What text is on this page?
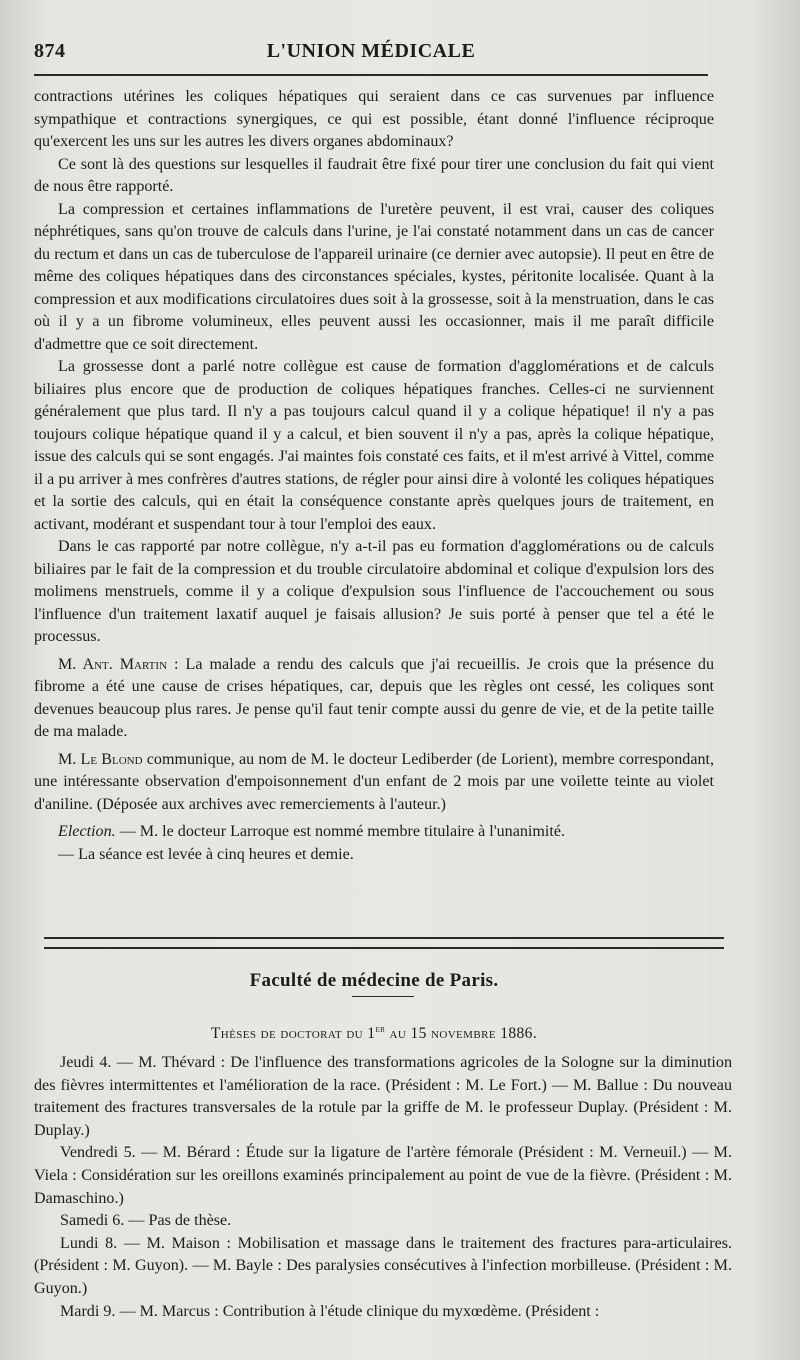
874	L'UNION MÉDICALE

contractions utérines les coliques hépatiques qui seraient dans ce cas survenues par influence sympathique et contractions synergiques, ce qui est possible, étant donné l'influence réciproque qu'exercent les uns sur les autres les divers organes abdominaux?

Ce sont là des questions sur lesquelles il faudrait être fixé pour tirer une conclusion du fait qui vient de nous être rapporté.

La compression et certaines inflammations de l'uretère peuvent, il est vrai, causer des coliques néphrétiques, sans qu'on trouve de calculs dans l'urine, je l'ai constaté notamment dans un cas de cancer du rectum et dans un cas de tuberculose de l'appareil urinaire (ce dernier avec autopsie). Il peut en être de même des coliques hépatiques dans des circonstances spéciales, kystes, péritonite localisée. Quant à la compression et aux modifications circulatoires dues soit à la grossesse, soit à la menstruation, dans le cas où il y a un fibrome volumineux, elles peuvent aussi les occasionner, mais il me paraît difficile d'admettre que ce soit directement.

La grossesse dont a parlé notre collègue est cause de formation d'agglomérations et de calculs biliaires plus encore que de production de coliques hépatiques franches. Celles-ci ne surviennent généralement que plus tard. Il n'y a pas toujours calcul quand il y a colique hépatique! il n'y a pas toujours colique hépatique quand il y a calcul, et bien souvent il n'y a pas, après la colique hépatique, issue des calculs qui se sont engagés. J'ai maintes fois constaté ces faits, et il m'est arrivé à Vittel, comme il a pu arriver à mes confrères d'autres stations, de régler pour ainsi dire à volonté les coliques hépatiques et la sortie des calculs, qui en était la conséquence constante après quelques jours de traitement, en activant, modérant et suspendant tour à tour l'emploi des eaux.

Dans le cas rapporté par notre collègue, n'y a-t-il pas eu formation d'agglomérations ou de calculs biliaires par le fait de la compression et du trouble circulatoire abdominal et colique d'expulsion lors des molimens menstruels, comme il y a colique d'expulsion sous l'influence de l'accouchement ou sous l'influence d'un traitement laxatif auquel je faisais allusion? Je suis porté à penser que tel a été le processus.

M. Ant. Martin : La malade a rendu des calculs que j'ai recueillis. Je crois que la présence du fibrome a été une cause de crises hépatiques, car, depuis que les règles ont cessé, les coliques sont devenues beaucoup plus rares. Je pense qu'il faut tenir compte aussi du genre de vie, et de la petite taille de ma malade.

M. Le Blond communique, au nom de M. le docteur Lediberder (de Lorient), membre correspondant, une intéressante observation d'empoisonnement d'un enfant de 2 mois par une voilette teinte au violet d'aniline. (Déposée aux archives avec remerciements à l'auteur.)

Election. — M. le docteur Larroque est nommé membre titulaire à l'unanimité.

— La séance est levée à cinq heures et demie.

Faculté de médecine de Paris.
Thèses de doctorat du 1er au 15 novembre 1886.

Jeudi 4. — M. Thévard : De l'influence des transformations agricoles de la Sologne sur la diminution des fièvres intermittentes et l'amélioration de la race. (Président : M. Le Fort.) — M. Ballue : Du nouveau traitement des fractures transversales de la rotule par la griffe de M. le professeur Duplay. (Président : M. Duplay.)

Vendredi 5. — M. Bérard : Étude sur la ligature de l'artère fémorale (Président : M. Verneuil.) — M. Viela : Considération sur les oreillons examinés principalement au point de vue de la fièvre. (Président : M. Damaschino.)

Samedi 6. — Pas de thèse.

Lundi 8. — M. Maison : Mobilisation et massage dans le traitement des fractures para-articulaires. (Président : M. Guyon). — M. Bayle : Des paralysies consécutives à l'infection morbilleuse. (Président : M. Guyon.)

Mardi 9. — M. Marcus : Contribution à l'étude clinique du myxœdème. (Président :
